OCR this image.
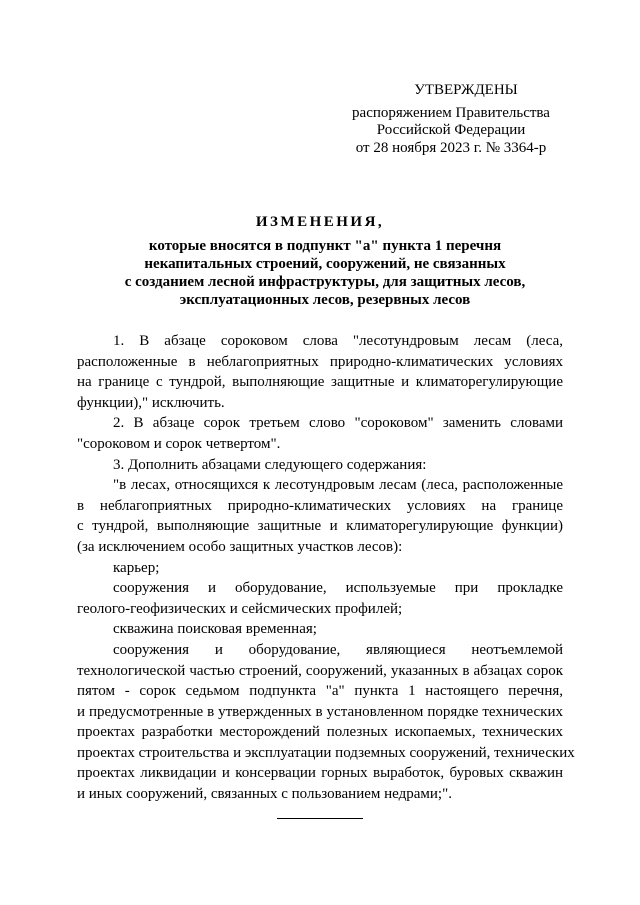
УТВЕРЖДЕНЫ
распоряжением Правительства
Российской Федерации
от 28 ноября 2023 г. № 3364-р
ИЗМЕНЕНИЯ,
которые вносятся в подпункт "а" пункта 1 перечня
некапитальных строений, сооружений, не связанных
с созданием лесной инфраструктуры, для защитных лесов,
эксплуатационных лесов, резервных лесов
1. В абзаце сороковом слова "лесотундровым лесам (леса,
расположенные в неблагоприятных природно-климатических условиях
на границе с тундрой, выполняющие защитные и климаторегулирующие
функции)," исключить.
2. В абзаце сорок третьем слово "сороковом" заменить словами
"сороковом и сорок четвертом".
3. Дополнить абзацами следующего содержания:
"в лесах, относящихся к лесотундровым лесам (леса, расположенные
в неблагоприятных природно-климатических условиях на границе
с тундрой, выполняющие защитные и климаторегулирующие функции)
(за исключением особо защитных участков лесов):
карьер;
сооружения и оборудование, используемые при прокладке
геолого-геофизических и сейсмических профилей;
скважина поисковая временная;
сооружения и оборудование, являющиеся неотъемлемой
технологической частью строений, сооружений, указанных в абзацах сорок
пятом - сорок седьмом подпункта "а" пункта 1 настоящего перечня,
и предусмотренные в утвержденных в установленном порядке технических
проектах разработки месторождений полезных ископаемых, технических
проектах строительства и эксплуатации подземных сооружений, технических
проектах ликвидации и консервации горных выработок, буровых скважин
и иных сооружений, связанных с пользованием недрами;".
